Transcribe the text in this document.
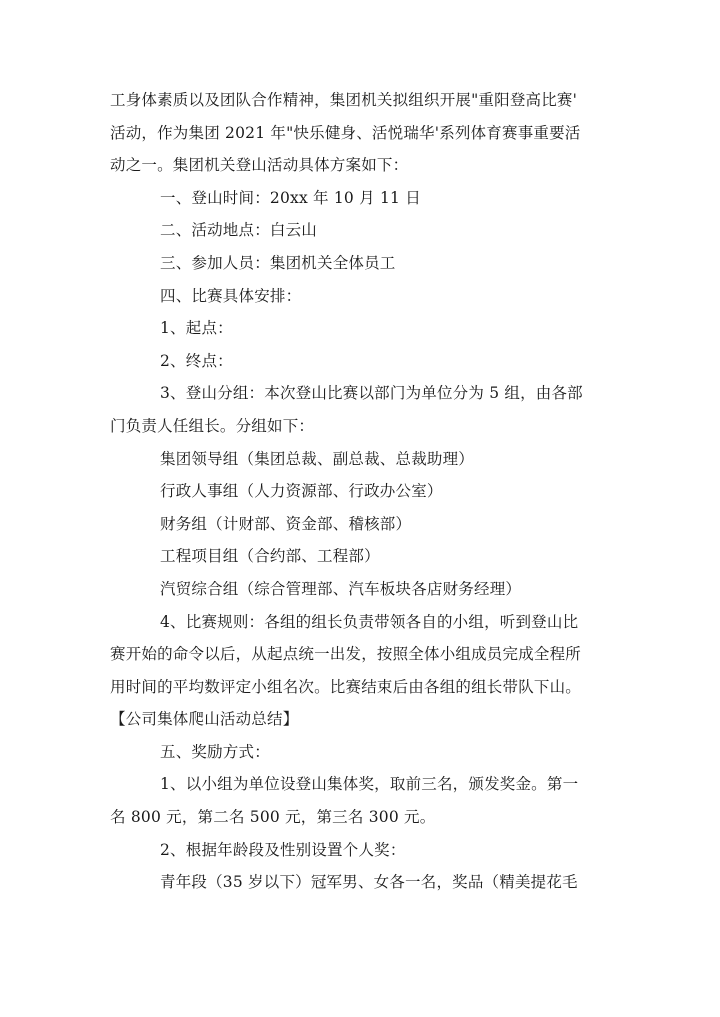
工身体素质以及团队合作精神，集团机关拟组织开展"重阳登高比赛'
活动，作为集团 2021 年"快乐健身、活悦瑞华'系列体育赛事重要活
动之一。集团机关登山活动具体方案如下：
一、登山时间：20xx 年 10 月 11 日
二、活动地点：白云山
三、参加人员：集团机关全体员工
四、比赛具体安排：
1、起点：
2、终点：
3、登山分组：本次登山比赛以部门为单位分为 5 组，由各部
门负责人任组长。分组如下：
集团领导组（集团总裁、副总裁、总裁助理）
行政人事组（人力资源部、行政办公室）
财务组（计财部、资金部、稽核部）
工程项目组（合约部、工程部）
汽贸综合组（综合管理部、汽车板块各店财务经理）
4、比赛规则：各组的组长负责带领各自的小组，听到登山比
赛开始的命令以后，从起点统一出发，按照全体小组成员完成全程所
用时间的平均数评定小组名次。比赛结束后由各组的组长带队下山。
【公司集体爬山活动总结】
五、奖励方式：
1、以小组为单位设登山集体奖，取前三名，颁发奖金。第一
名 800 元，第二名 500 元，第三名 300 元。
2、根据年龄段及性别设置个人奖：
青年段（35 岁以下）冠军男、女各一名，奖品（精美提花毛
